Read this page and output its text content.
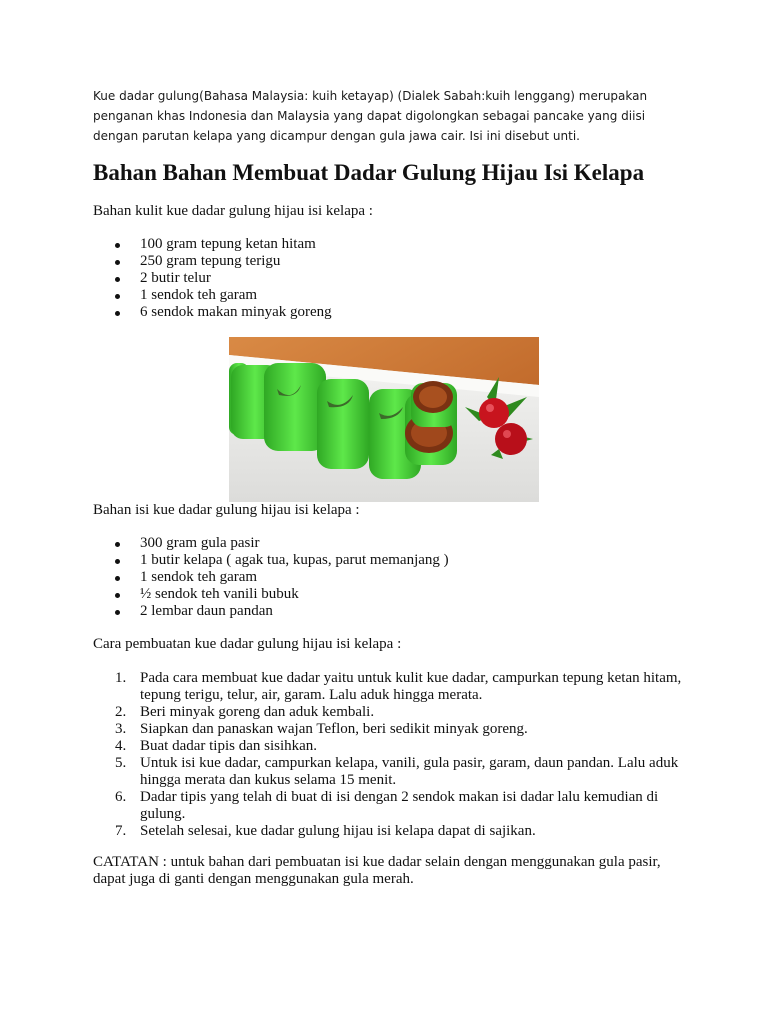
Kue dadar gulung(Bahasa Malaysia: kuih ketayap) (Dialek Sabah:kuih lenggang) merupakan penganan khas Indonesia dan Malaysia yang dapat digolongkan sebagai pancake yang diisi dengan parutan kelapa yang dicampur dengan gula jawa cair. Isi ini disebut unti.

Bahan Bahan Membuat Dadar Gulung Hijau Isi Kelapa

Bahan kulit kue dadar gulung hijau isi kelapa :

100 gram tepung ketan hitam
250 gram tepung terigu
2 butir telur
1 sendok teh garam
6 sendok makan minyak goreng

Bahan isi kue dadar gulung hijau isi kelapa :

300 gram gula pasir
1 butir kelapa ( agak tua, kupas, parut memanjang )
1 sendok teh garam
½ sendok teh vanili bubuk
2 lembar daun pandan

Cara pembuatan kue dadar gulung hijau isi kelapa :

1. Pada cara membuat kue dadar yaitu untuk kulit kue dadar, campurkan tepung ketan hitam, tepung terigu, telur, air, garam. Lalu aduk hingga merata.
2. Beri minyak goreng dan aduk kembali.
3. Siapkan dan panaskan wajan Teflon, beri sedikit minyak goreng.
4. Buat dadar tipis dan sisihkan.
5. Untuk isi kue dadar, campurkan kelapa, vanili, gula pasir, garam, daun pandan. Lalu aduk hingga merata dan kukus selama 15 menit.
6. Dadar tipis yang telah di buat di isi dengan 2 sendok makan isi dadar lalu kemudian di gulung.
7. Setelah selesai, kue dadar gulung hijau isi kelapa dapat di sajikan.

CATATAN : untuk bahan dari pembuatan isi kue dadar selain dengan menggunakan gula pasir, dapat juga di ganti dengan menggunakan gula merah.
